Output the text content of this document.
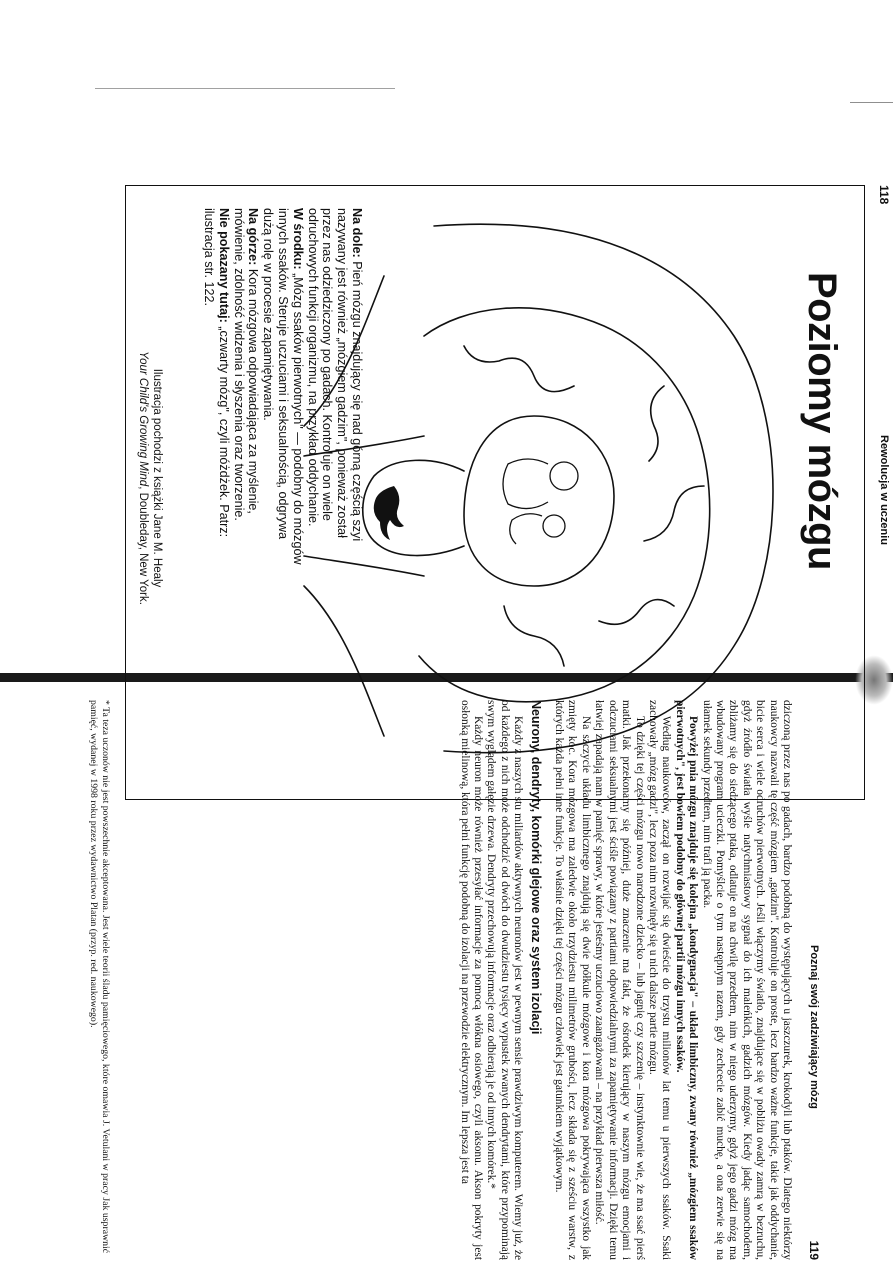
118
Rewolucja w uczeniu
Poziomy mózgu
Na dole: Pień mózgu znajdujący się nad górną częścią szyi nazywany jest również „mózgiem gadzim", ponieważ został przez nas odziedziczony po gadach. Kontroluje on wiele odruchowych funkcji organizmu, na przykład oddychanie.
W środku: „Mózg ssaków pierwotnych" — podobny do mózgów innych ssaków. Steruje uczuciami i seksualnością, odgrywa dużą rolę w procesie zapamiętywania.
Na górze: Kora mózgowa odpowiadająca za myślenie, mówienie, zdolność widzenia i słyszenia oraz tworzenie.
Nie pokazany tutaj: „czwarty mózg", czyli móżdżek. Patrz: ilustracja str. 122.
Ilustracja pochodzi z książki Jane M. Healy
Your Child's Growing Mind, Doubleday, New York.
Poznaj swój zadziwiający mózg
119

dziczoną przez nas po gadach, bardzo podobną do występujących u jaszczurek, krokodyli lub ptaków. Dlatego niektórzy naukowcy nazwali tę część mózgiem „gadzim". Kontroluje on proste, lecz bardzo ważne funkcje, takie jak oddychanie, bicie serca i wiele odruchów pierwotnych. Jeśli włączymy światło, znajdujące się w pobliżu owady zamrą w bezruchu, gdyż źródło światła wyśle natychmiastowy sygnał do ich maleńkich, gadzich mózgów. Kiedy jadąc samochodem, zbliżamy się do siedzącego ptaka, odlatuje on na chwilę przedtem, nim w niego uderzymy, gdyż jego gadzi mózg ma wbudowany program ucieczki. Pomyślcie o tym następnym razem, gdy zechcecie zabić muchę, a ona zerwie się na ułamek sekundy przedtem, nim trafi ją packa.

Powyżej pnia mózgu znajduje się kolejna „kondygnacja" – układ limbiczny, zwany również „mózgiem ssaków pierwotnych", jest bowiem podobny do głównej partii mózgu innych ssaków.

Według naukowców, zaczął on rozwijać się dwieście do trzystu milionów lat temu u pierwszych ssaków. Ssaki zachowały „mózg gadzi", lecz poza nim rozwinęły się u nich dalsze partie mózgu.

To dzięki tej części mózgu nowo narodzone dziecko – lub jagnię czy szczenię – instynktownie wie, że ma ssać pierś matki. Jak przekonamy się później, duże znaczenie ma fakt, że ośrodek kierujący w naszym mózgu emocjami i odczuciami seksualnymi jest ściśle powiązany z partiami odpowiedzialnymi za zapamiętywanie informacji. Dzięki temu łatwiej zapadają nam w pamięć sprawy, w które jesteśmy uczuciowo zaangażowani – na przykład pierwsza miłość.

Na szczycie układu limbicznego znajdują się dwie półkule mózgowe i kora mózgowa pokrywająca wszystko jak zmięty koc. Kora mózgowa ma zaledwie około trzydziestu milimetrów grubości, lecz składa się z sześciu warstw, z których każda pełni inne funkcje. To właśnie dzięki tej części mózgu człowiek jest gatunkiem wyjątkowym.

Neurony, dendryty, komórki glejowe oraz system izolacji

Każdy z naszych stu miliardów aktywnych neuronów jest w pewnym sensie prawdziwym komputerem. Wiemy już, że od każdego z nich może odchodzić od dwóch do dwudziestu tysięcy wypustek zwanych dendrytami, które przypominają swym wyglądem gałęzie drzewa. Dendryty przechowują informacje oraz odbierają je od innych komórek.*

Każdy neuron może również przesyłać informacje za pomocą włókna osiowego, czyli aksonu. Akson pokryty jest osłonką mielinową, która pełni funkcję podobną do izolacji na przewodzie elektrycznym. Im lepsza jest ta

* Ta teza uczonów nie jest powszechnie akceptowana. Jest wiele teorii śladu pamięciowego, które omawia J. Vetulani w pracy Jak usprawnić pamięć, wydanej w 1998 roku przez wydawnictwo Platan (przyp. red. naukowego).
